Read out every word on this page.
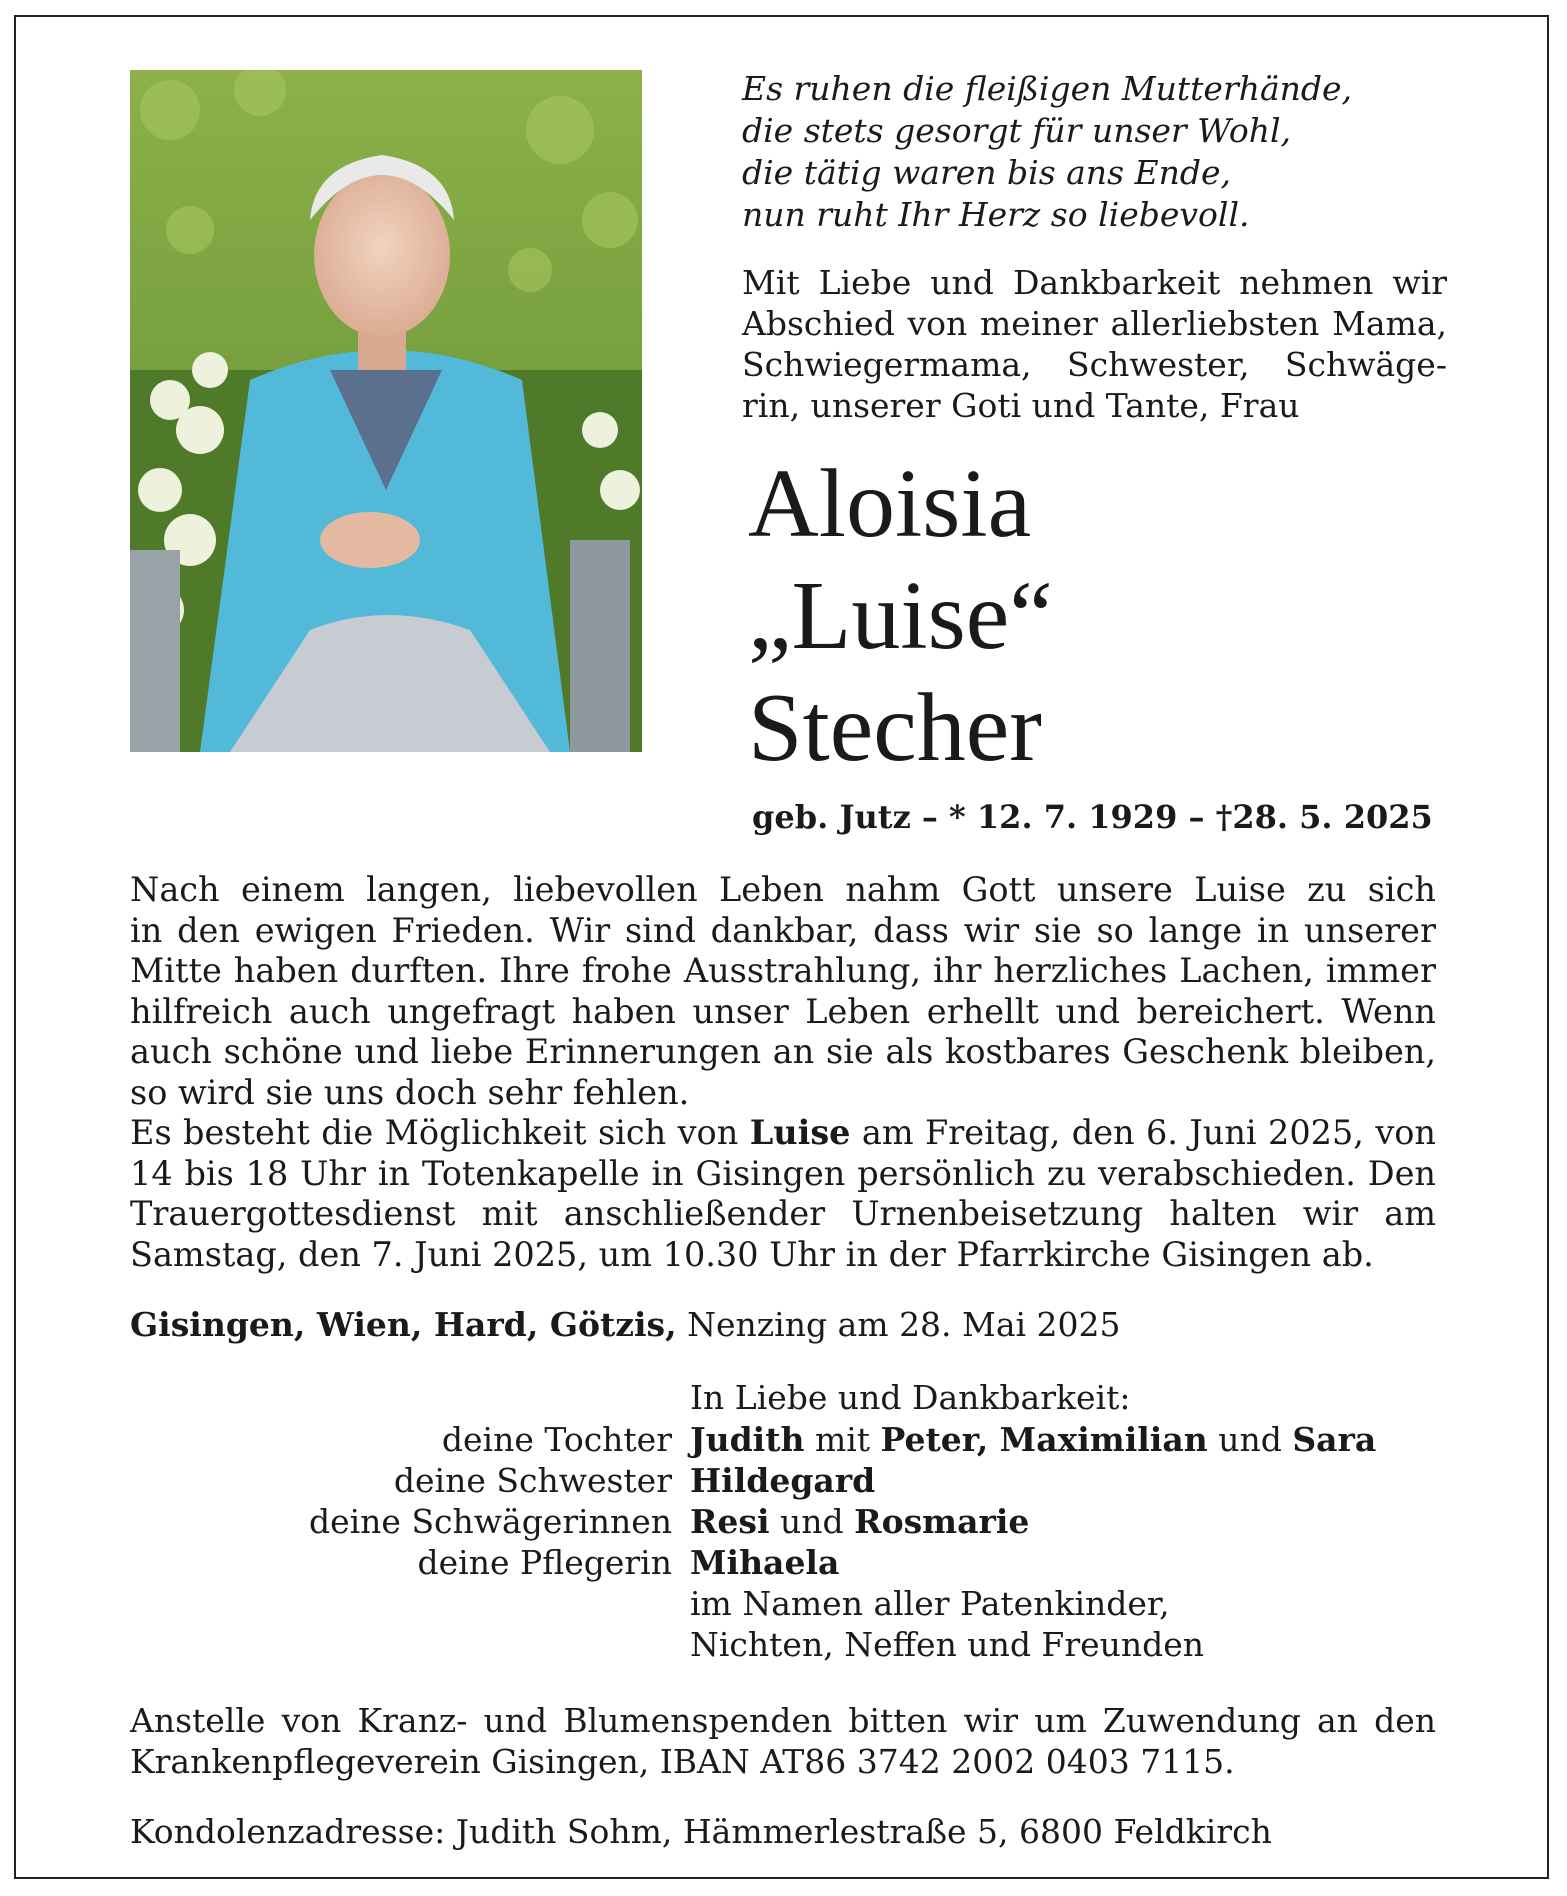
Es ruhen die fleißigen Mutterhände,
die stets gesorgt für unser Wohl,
die tätig waren bis ans Ende,
nun ruht Ihr Herz so liebevoll.
Mit Liebe und Dankbarkeit nehmen wir
Abschied von meiner allerliebsten Mama,
Schwiegermama, Schwester, Schwäge-
rin, unserer Goti und Tante, Frau
Aloisia
„Luise“
Stecher
geb. Jutz – * 12. 7. 1929 – †28. 5. 2025
Nach einem langen, liebevollen Leben nahm Gott unsere Luise zu sich
in den ewigen Frieden. Wir sind dankbar, dass wir sie so lange in unserer
Mitte haben durften. Ihre frohe Ausstrahlung, ihr herzliches Lachen, immer
hilfreich auch ungefragt haben unser Leben erhellt und bereichert. Wenn
auch schöne und liebe Erinnerungen an sie als kostbares Geschenk bleiben,
so wird sie uns doch sehr fehlen.
Es besteht die Möglichkeit sich von Luise am Freitag, den 6. Juni 2025, von
14 bis 18 Uhr in Totenkapelle in Gisingen persönlich zu verabschieden. Den
Trauergottesdienst mit anschließender Urnenbeisetzung halten wir am
Samstag, den 7. Juni 2025, um 10.30 Uhr in der Pfarrkirche Gisingen ab.
Gisingen, Wien, Hard, Götzis, Nenzing am 28. Mai 2025
In Liebe und Dankbarkeit:
deine Tochter Judith mit Peter, Maximilian und Sara
deine Schwester Hildegard
deine Schwägerinnen Resi und Rosmarie
deine Pflegerin Mihaela
im Namen aller Patenkinder,
Nichten, Neffen und Freunden
Anstelle von Kranz- und Blumenspenden bitten wir um Zuwendung an den
Krankenpflegeverein Gisingen, IBAN AT86 3742 2002 0403 7115.
Kondolenzadresse: Judith Sohm, Hämmerlestraße 5, 6800 Feldkirch
